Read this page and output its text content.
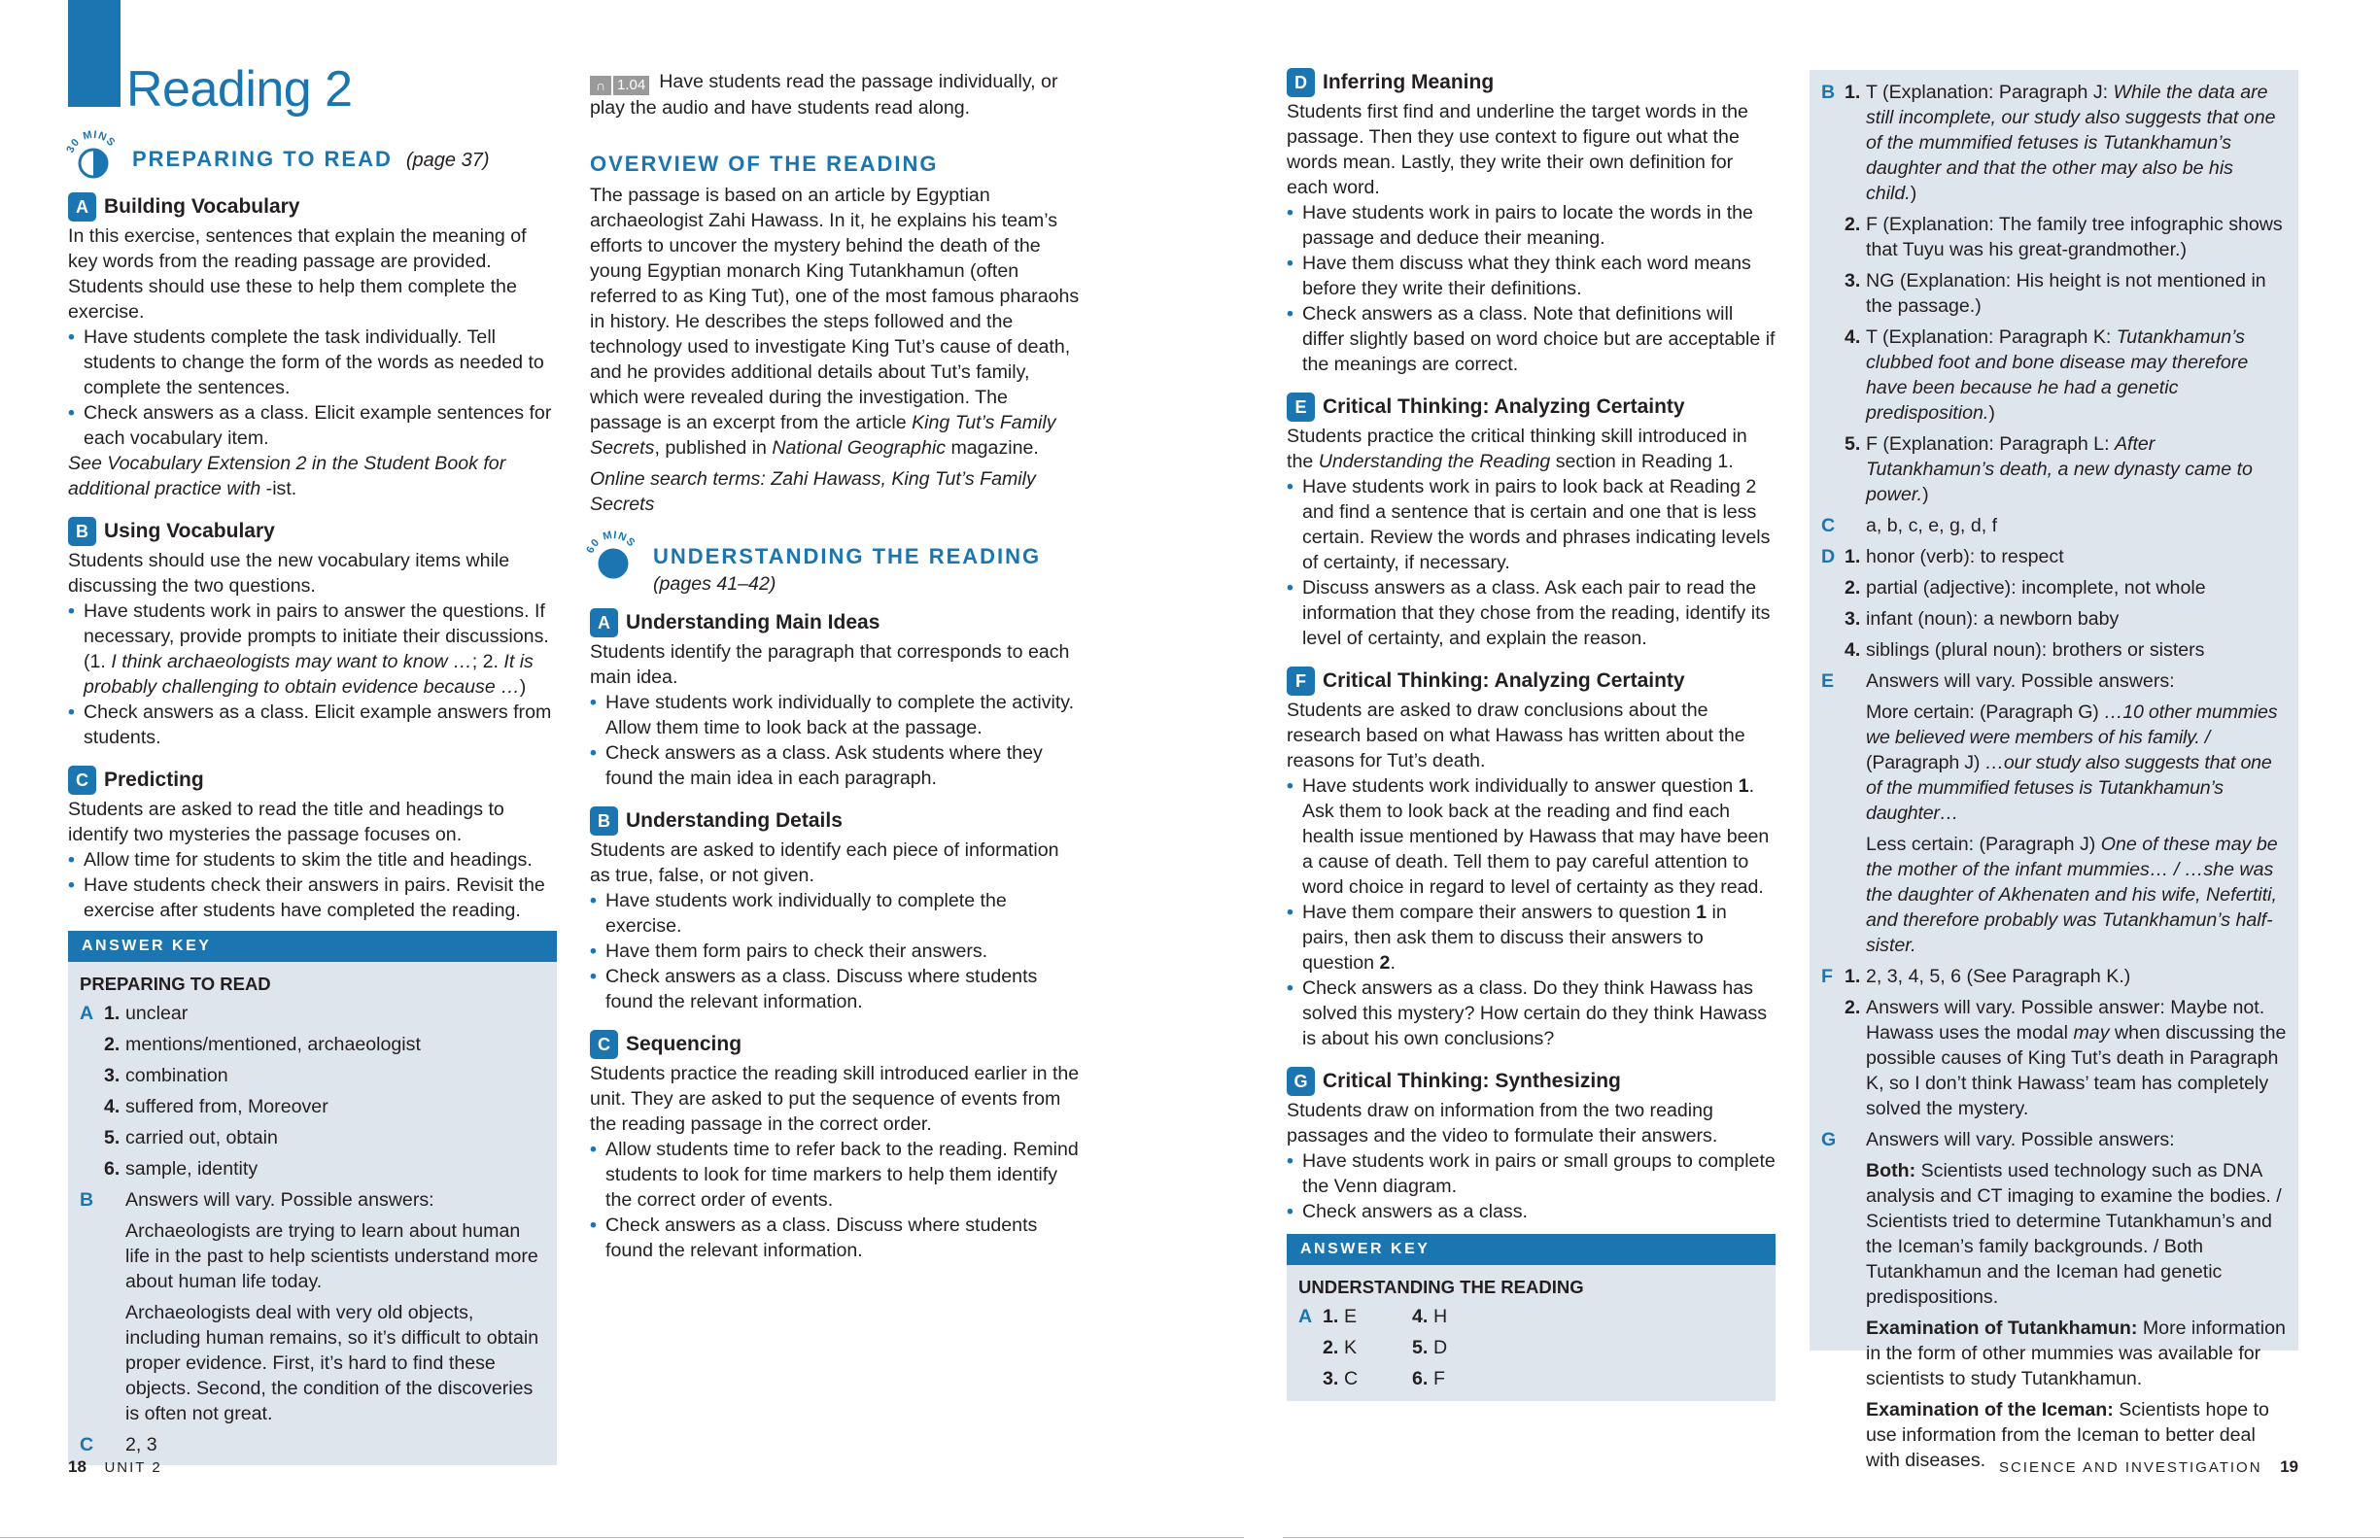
Reading 2
30 MINS
PREPARING TO READ (page 37)
A Building Vocabulary

In this exercise, sentences that explain the meaning of key words from the reading passage are provided. Students should use these to help them complete the exercise.

• Have students complete the task individually. Tell students to change the form of the words as needed to complete the sentences.
• Check answers as a class. Elicit example sentences for each vocabulary item.

See Vocabulary Extension 2 in the Student Book for additional practice with -ist.

B Using Vocabulary

Students should use the new vocabulary items while discussing the two questions.

• Have students work in pairs to answer the questions. If necessary, provide prompts to initiate their discussions. (1. I think archaeologists may want to know …; 2. It is probably challenging to obtain evidence because …)
• Check answers as a class. Elicit example answers from students.
C Predicting

Students are asked to read the title and headings to identify two mysteries the passage focuses on.

• Allow time for students to skim the title and headings.
• Have students check their answers in pairs. Revisit the exercise after students have completed the reading.
ANSWER KEY
PREPARING TO READ
A 1. unclear
2. mentions/mentioned, archaeologist
3. combination
4. suffered from, Moreover
5. carried out, obtain
6. sample, identity
B	Answers will vary. Possible answers:
Archaeologists are trying to learn about human life in the past to help scientists understand more about human life today.
Archaeologists deal with very old objects, including human remains, so it’s difficult to obtain proper evidence. First, it’s hard to find these objects. Second, the condition of the discoveries is often not great.
C	2, 3
18 UNIT 2

∩ 1.04 Have students read the passage individually, or play the audio and have students read along.

OVERVIEW OF THE READING

The passage is based on an article by Egyptian archaeologist Zahi Hawass. In it, he explains his team’s efforts to uncover the mystery behind the death of the young Egyptian monarch King Tutankhamun (often referred to as King Tut), one of the most famous pharaohs in history. He describes the steps followed and the technology used to investigate King Tut’s cause of death, and he provides additional details about Tut’s family, which were revealed during the investigation. The passage is an excerpt from the article King Tut’s Family Secrets, published in National Geographic magazine.

Online search terms: Zahi Hawass, King Tut’s Family Secrets

60 MINS
UNDERSTANDING THE READING
(pages 41–42)
A Understanding Main Ideas

Students identify the paragraph that corresponds to each main idea.

• Have students work individually to complete the activity. Allow them time to look back at the passage.
• Check answers as a class. Ask students where they found the main idea in each paragraph.
B Understanding Details

Students are asked to identify each piece of information as true, false, or not given.

• Have students work individually to complete the exercise.
• Have them form pairs to check their answers.
• Check answers as a class. Discuss where students found the relevant information.
C Sequencing

Students practice the reading skill introduced earlier in the unit. They are asked to put the sequence of events from the reading passage in the correct order.

• Allow students time to refer back to the reading. Remind students to look for time markers to help them identify the correct order of events.
• Check answers as a class. Discuss where students found the relevant information.
D Inferring Meaning

Students first find and underline the target words in the passage. Then they use context to figure out what the words mean. Lastly, they write their own definition for each word.

• Have students work in pairs to locate the words in the passage and deduce their meaning.
• Have them discuss what they think each word means before they write their definitions.
• Check answers as a class. Note that definitions will differ slightly based on word choice but are acceptable if the meanings are correct.
E Critical Thinking: Analyzing Certainty

Students practice the critical thinking skill introduced in the Understanding the Reading section in Reading 1.

• Have students work in pairs to look back at Reading 2 and find a sentence that is certain and one that is less certain. Review the words and phrases indicating levels of certainty, if necessary.
• Discuss answers as a class. Ask each pair to read the information that they chose from the reading, identify its level of certainty, and explain the reason.
F Critical Thinking: Analyzing Certainty

Students are asked to draw conclusions about the research based on what Hawass has written about the reasons for Tut’s death.

• Have students work individually to answer question 1. Ask them to look back at the reading and find each health issue mentioned by Hawass that may have been a cause of death. Tell them to pay careful attention to word choice in regard to level of certainty as they read.
• Have them compare their answers to question 1 in pairs, then ask them to discuss their answers to question 2.
• Check answers as a class. Do they think Hawass has solved this mystery? How certain do they think Hawass is about his own conclusions?
G Critical Thinking: Synthesizing

Students draw on information from the two reading passages and the video to formulate their answers.

• Have students work in pairs or small groups to complete the Venn diagram.
• Check answers as a class.
ANSWER KEY
UNDERSTANDING THE READING
A 1. E	4. H
2. K	5. D
3. C	6. F
B 1. T (Explanation: Paragraph J: While the data are still incomplete, our study also suggests that one of the mummified fetuses is Tutankhamun’s daughter and that the other may also be his child.)
2. F (Explanation: The family tree infographic shows that Tuyu was his great-grandmother.)
3. NG (Explanation: His height is not mentioned in the passage.)
4. T (Explanation: Paragraph K: Tutankhamun’s clubbed foot and bone disease may therefore have been because he had a genetic predisposition.)
5. F (Explanation: Paragraph L: After Tutankhamun’s death, a new dynasty came to power.)
C	a, b, c, e, g, d, f
D 1. honor (verb): to respect
2. partial (adjective): incomplete, not whole
3. infant (noun): a newborn baby
4. siblings (plural noun): brothers or sisters
E	Answers will vary. Possible answers:
More certain: (Paragraph G) …10 other mummies we believed were members of his family. / (Paragraph J) …our study also suggests that one of the mummified fetuses is Tutankhamun’s daughter…
Less certain: (Paragraph J) One of these may be the mother of the infant mummies… / …she was the daughter of Akhenaten and his wife, Nefertiti, and therefore probably was Tutankhamun’s half-sister.
F 1. 2, 3, 4, 5, 6 (See Paragraph K.)
2. Answers will vary. Possible answer: Maybe not. Hawass uses the modal may when discussing the possible causes of King Tut’s death in Paragraph K, so I don’t think Hawass’ team has completely solved the mystery.
G	Answers will vary. Possible answers:
Both: Scientists used technology such as DNA analysis and CT imaging to examine the bodies. / Scientists tried to determine Tutankhamun’s and the Iceman’s family backgrounds. / Both Tutankhamun and the Iceman had genetic predispositions.
Examination of Tutankhamun: More information in the form of other mummies was available for scientists to study Tutankhamun.
Examination of the Iceman: Scientists hope to use information from the Iceman to better deal with diseases. SCIENCE AND INVESTIGATION 19
